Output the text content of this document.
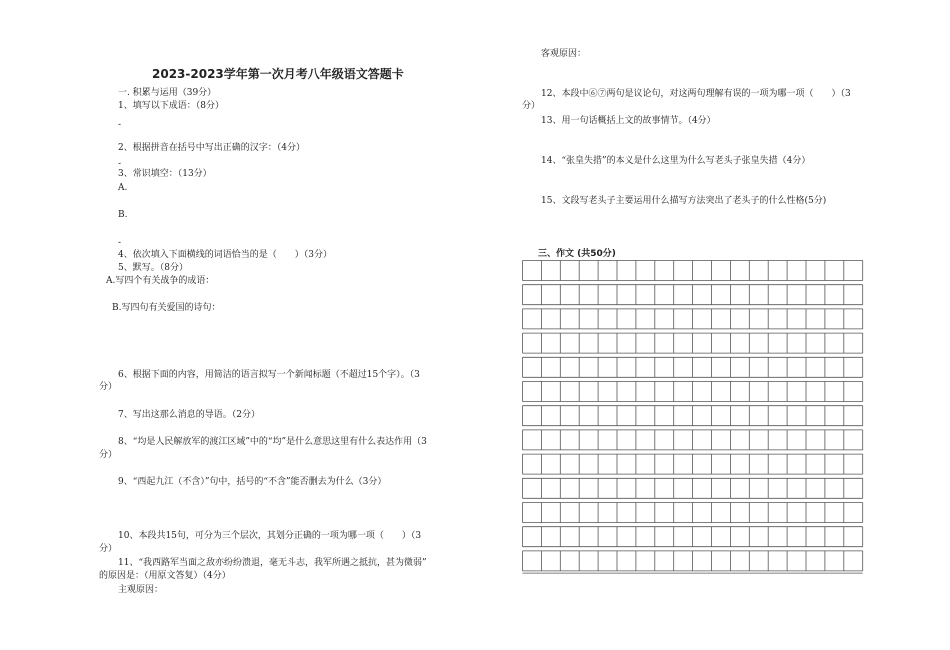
2023-2023学年第一次月考八年级语文答题卡
一. 积累与运用（39分）
1、填写以下成语：（8分）
-
2、根据拼音在括号中写出正确的汉字：（4分）
-
3、常识填空：（13分）
A.
B.
-
4、依次填入下面横线的词语恰当的是（　　）（3分）
5、默写。（8分）
A.写四个有关战争的成语：
B.写四句有关爱国的诗句：
6、根据下面的内容，用简洁的语言拟写一个新闻标题（不超过15个字）。（3
分）
7、写出这那么消息的导语。（2分）
8、“均是人民解放军的渡江区域”中的“均”是什么意思这里有什么表达作用（3
分）
9、“西起九江（不含）”句中，括号的“不含”能否删去为什么（3分）
10、本段共15句，可分为三个层次，其划分正确的一项为哪一项（　　）（3
分）
11、“我西路军当面之敌亦纷纷溃退，毫无斗志，我军所遇之抵抗，甚为微弱”
的原因是：（用原文答复）（4分）
主观原因：
客观原因：
12、本段中⑥⑦两句是议论句，对这两句理解有误的一项为哪一项（　　）（3
分）
13、用一句话概括上文的故事情节。（4分）
14、“张皇失措”的本义是什么这里为什么写老头子张皇失措（4分）
15、文段写老头子主要运用什么描写方法突出了老头子的什么性格(5分)
三、作文 (共50分)
